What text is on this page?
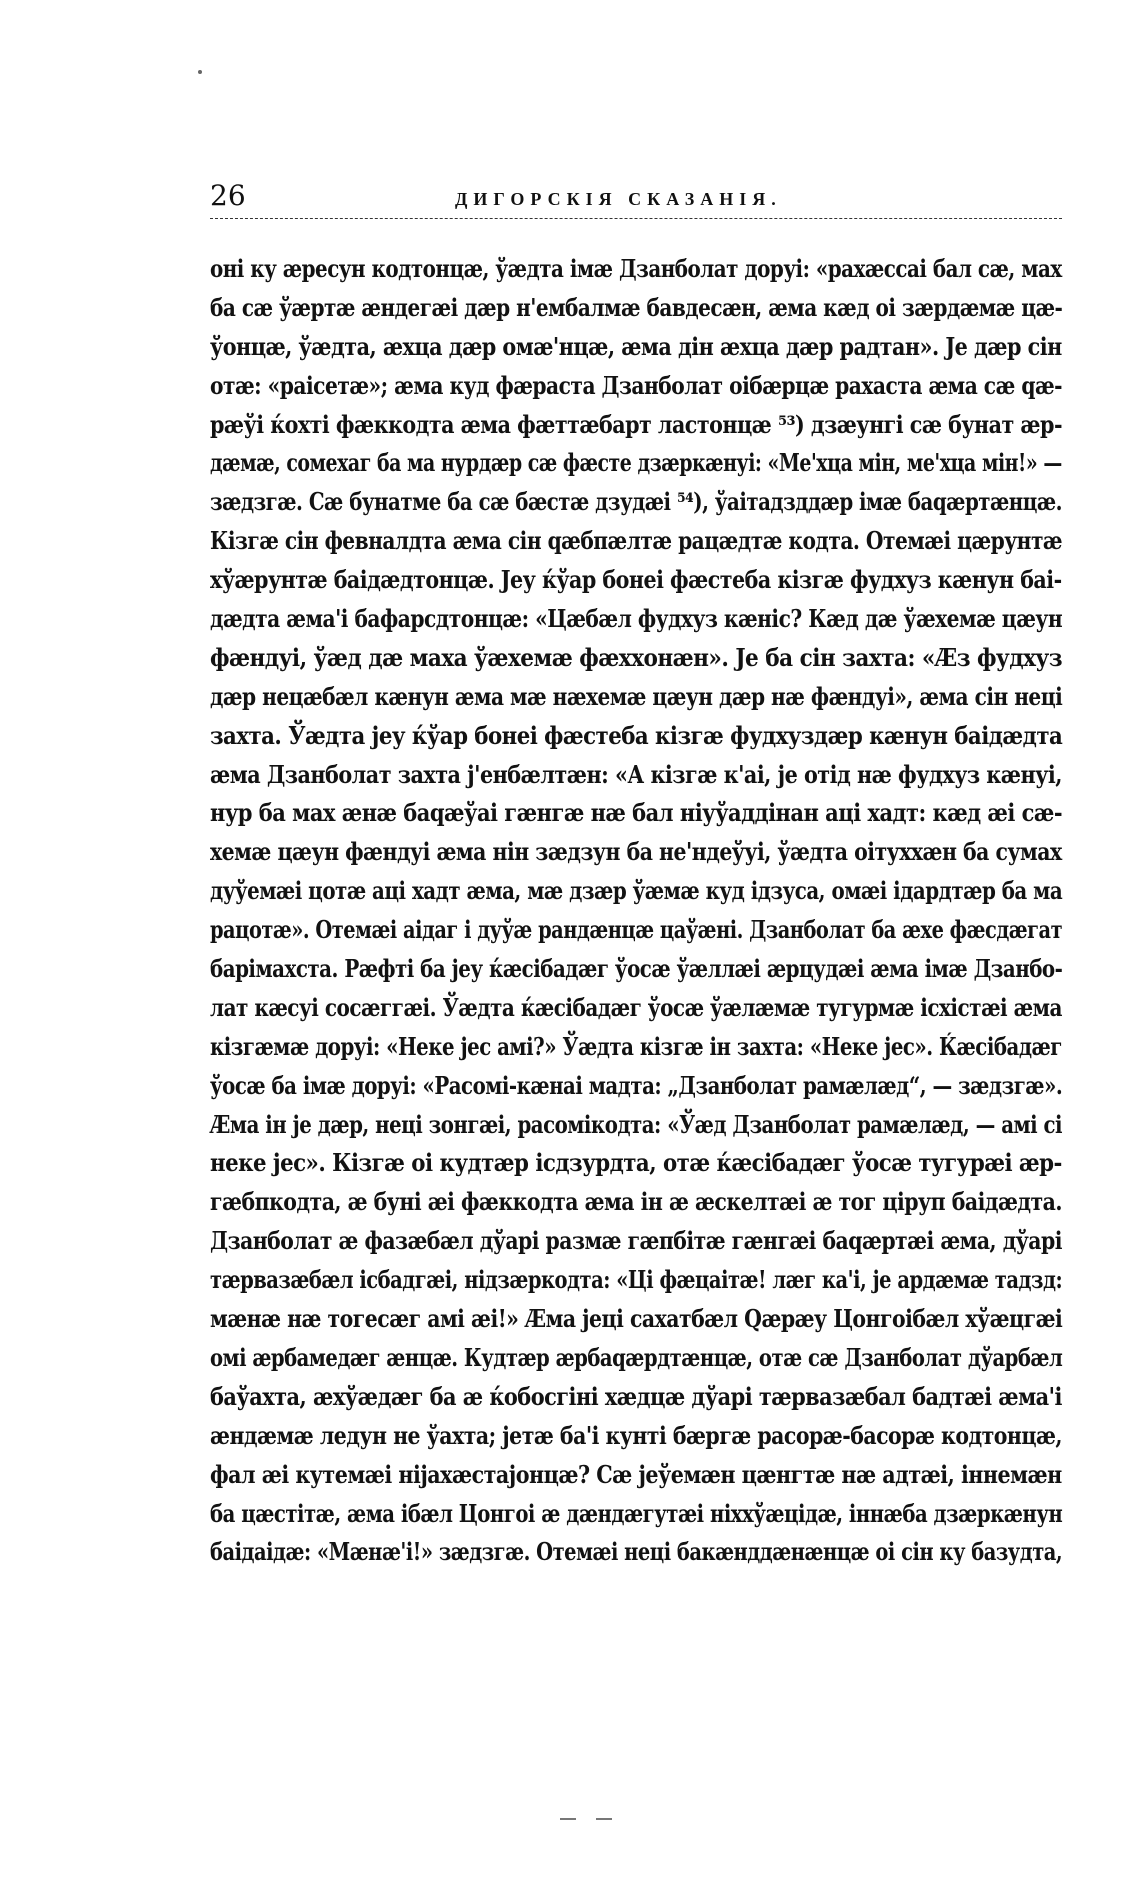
26	ДИГОРСКІЯ СКАЗАНІЯ.
оні ку æресун кодтонцæ, ўæдта імæ Дзанболат доруі: «рахæссаі бал сæ, мах
ба сæ ўæртæ æндегæі дæр н'ембалмæ бавдесæн, æма кæд оі зæрдæмæ цæ-
ўонцæ, ўæдта, æхца дæр омæ'нцæ, æма дін æхца дæр радтан». Је дæр сін
отæ: «раісетæ»; æма куд фæраста Дзанболат оібæрцæ рахаста æма сæ qæ-
рæўі ќохті фæккодта æма фæттæбарт ластонцæ ⁵³) дзæунгі сæ бунат æр-
дæмæ, сомехаг ба ма нурдæр сæ фæсте дзæркæнуі: «Ме'хца мін, ме'хца мін!» —
зæдзгæ. Сæ бунатме ба сæ бæстæ дзудæі ⁵⁴), ўаітадзддæр імæ баqæртæнцæ.
Кізгæ сін февналдта æма сін qæбпæлтæ рацæдтæ кодта. Отемæі цæрунтæ
хўæрунтæ баідæдтонцæ. Јеу ќўар бонеі фæстеба кізгæ фудхуз кæнун баі-
дæдта æма'і бафарсдтонцæ: «Цæбæл фудхуз кæніс? Кæд дæ ўæхемæ цæун
фæндуі, ўæд дæ маха ўæхемæ фæххонæн». Је ба сін захта: «Æз фудхуз
дæр нецæбæл кæнун æма мæ нæхемæ цæун дæр нæ фæндуі», æма сін неці
захта. Ўæдта јеу ќўар бонеі фæстеба кізгæ фудхуздæр кæнун баідæдта
æма Дзанболат захта ј'енбæлтæн: «А кізгæ к'аі, је отід нæ фудхуз кæнуі,
нур ба мах æнæ баqæўаі гæнгæ нæ бал ніуўаддінан аці хадт: кæд æі сæ-
хемæ цæун фæндуі æма нін зæдзун ба не'ндеўуі, ўæдта оітуххæн ба сумах
дуўемæі цотæ аці хадт æма, мæ дзæр ўæмæ куд ідзуса, омæі ідардтæр ба ма
рацотæ». Отемæі аідаг і дуўæ рандæнцæ цаўæні. Дзанболат ба æхе фæсдæгат
барімахста. Рæфті ба јеу ќæсібадæг ўосæ ўæллæі æрцудæі æма імæ Дзанбо-
лат кæсуі сосæггæі. Ўæдта ќæсібадæг ўосæ ўæлæмæ тугурмæ ісхістæі æма
кізгæмæ доруі: «Неке јес амі?» Ўæдта кізгæ ін захта: «Неке јес». Ќæсібадæг
ўосæ ба імæ доруі: «Расомі-кæнаі мадта: „Дзанболат рамæлæд“, — зæдзгæ».
Æма ін је дæр, неці зонгæі, расомікодта: «Ўæд Дзанболат рамæлæд, — амі сі
неке јес». Кізгæ оі кудтæр ісдзурдта, отæ ќæсібадæг ўосæ тугурæі æр-
гæбпкодта, æ буні æі фæккодта æма ін æ æскелтæі æ тог ціруп баідæдта.
Дзанболат æ фазæбæл дўарі размæ гæпбітæ гæнгæі баqæртæі æма, дўарі
тæрвазæбæл ісбадгæі, нідзæркодта: «Ці фæцаітæ! лæг ка'і, је ардæмæ тадзд:
мæнæ нæ тогесæг амі æі!» Æма јеці сахатбæл Qæрæу Цонгоібæл хўæцгæі
омі æрбамедæг æнцæ. Кудтæр æрбаqæрдтæнцæ, отæ сæ Дзанболат дўарбæл
баўахта, æхўæдæг ба æ ќобосгіні хæдцæ дўарі тæрвазæбал бадтæі æма'і
æндæмæ ледун не ўахта; јетæ ба'і кунті бæргæ расорæ-басорæ кодтонцæ,
фал æі кутемæі ніјахæстајонцæ? Сæ јеўемæн цæнгтæ нæ адтæі, іннемæн
ба цæстітæ, æма ібæл Цонгоі æ дæндæгутæі ніххўæцідæ, іннæба дзæркæнун
баідаідæ: «Мæнæ'і!» зæдзгæ. Отемæі неці бакæнддæнæнцæ оі сін ку базудта,
